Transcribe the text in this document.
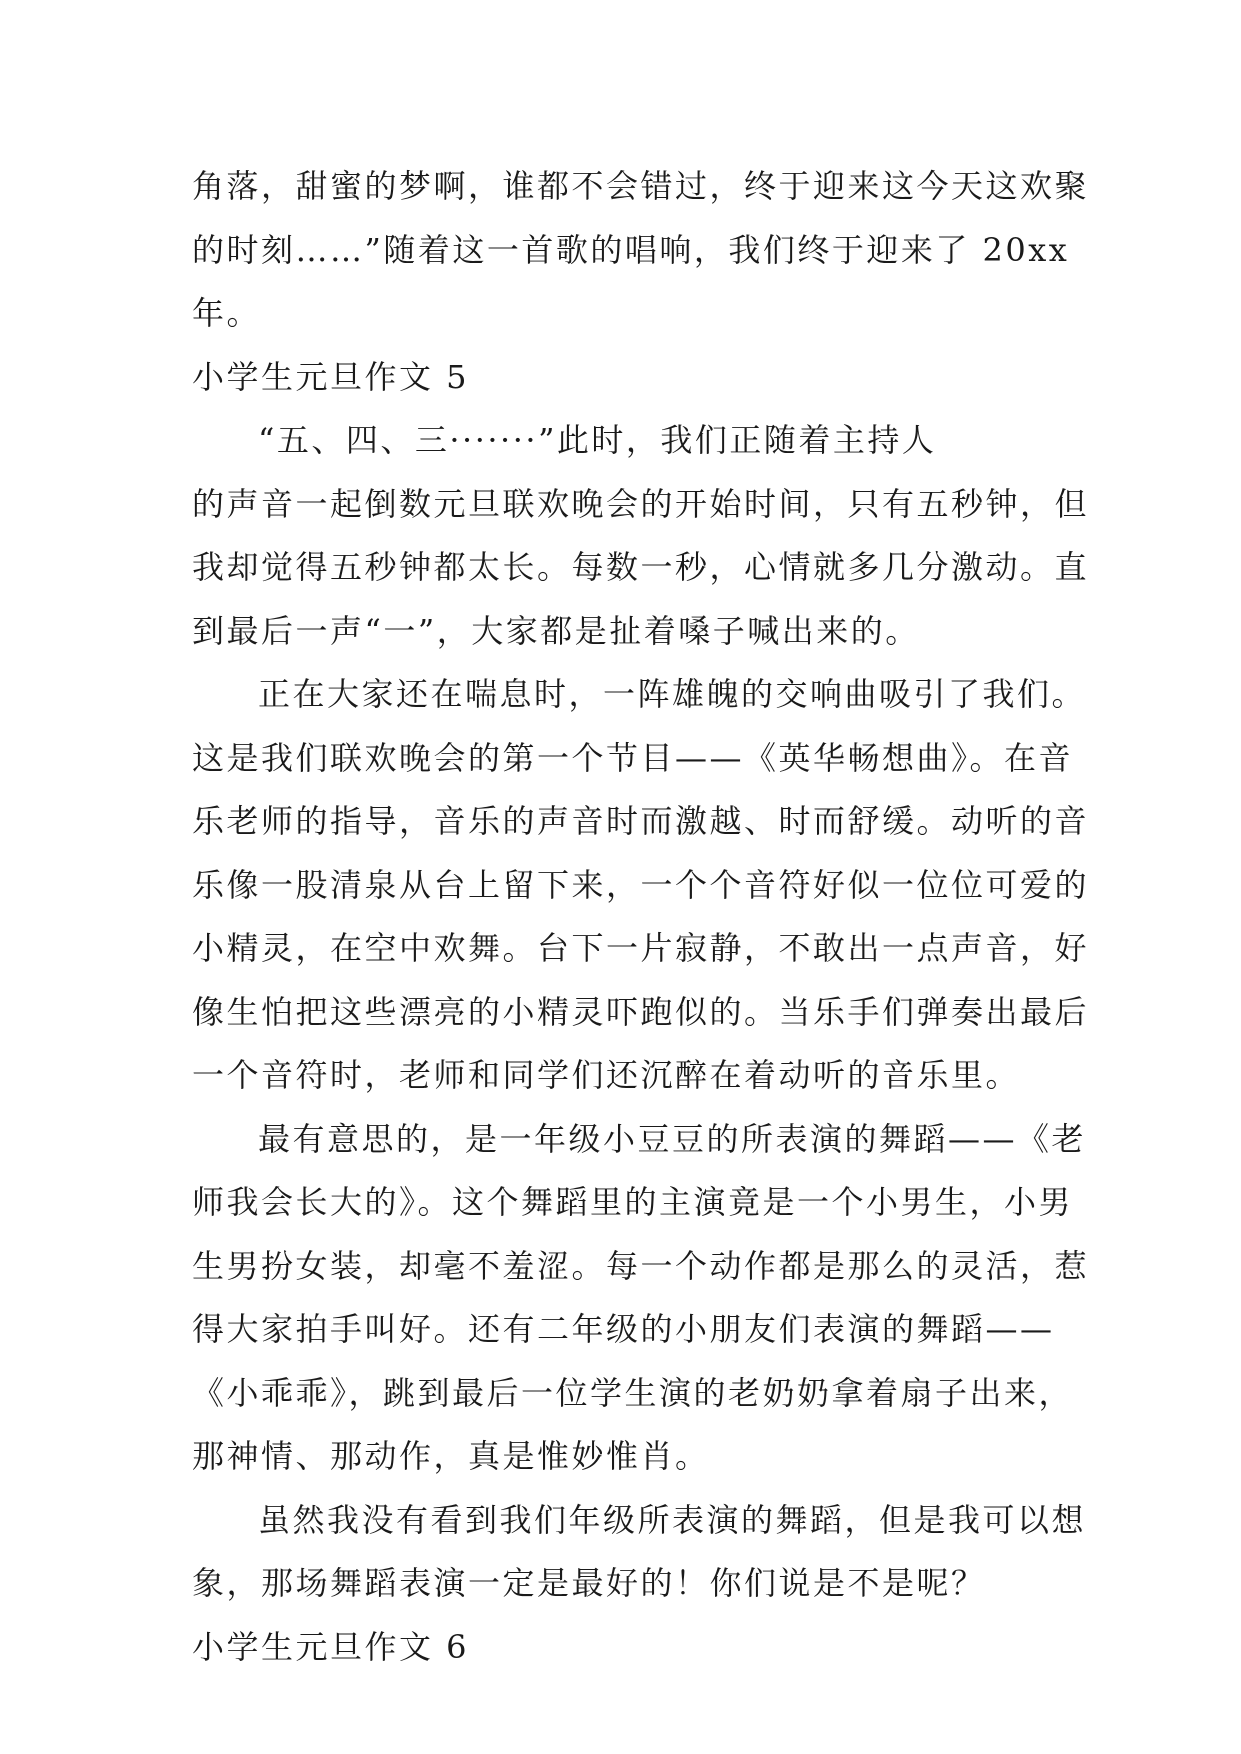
角落，甜蜜的梦啊，谁都不会错过，终于迎来这今天这欢聚
的时刻……”随着这一首歌的唱响，我们终于迎来了 20xx
年。
小学生元旦作文 5
“五、四、三·······”此时，我们正随着主持人
的声音一起倒数元旦联欢晚会的开始时间，只有五秒钟，但
我却觉得五秒钟都太长。每数一秒，心情就多几分激动。直
到最后一声“一”，大家都是扯着嗓子喊出来的。
正在大家还在喘息时，一阵雄魄的交响曲吸引了我们。
这是我们联欢晚会的第一个节目——《英华畅想曲》。在音
乐老师的指导，音乐的声音时而激越、时而舒缓。动听的音
乐像一股清泉从台上留下来，一个个音符好似一位位可爱的
小精灵，在空中欢舞。台下一片寂静，不敢出一点声音，好
像生怕把这些漂亮的小精灵吓跑似的。当乐手们弹奏出最后
一个音符时，老师和同学们还沉醉在着动听的音乐里。
最有意思的，是一年级小豆豆的所表演的舞蹈——《老
师我会长大的》。这个舞蹈里的主演竟是一个小男生，小男
生男扮女装，却毫不羞涩。每一个动作都是那么的灵活，惹
得大家拍手叫好。还有二年级的小朋友们表演的舞蹈——
《小乖乖》，跳到最后一位学生演的老奶奶拿着扇子出来，
那神情、那动作，真是惟妙惟肖。
虽然我没有看到我们年级所表演的舞蹈，但是我可以想
象，那场舞蹈表演一定是最好的！你们说是不是呢？
小学生元旦作文 6
